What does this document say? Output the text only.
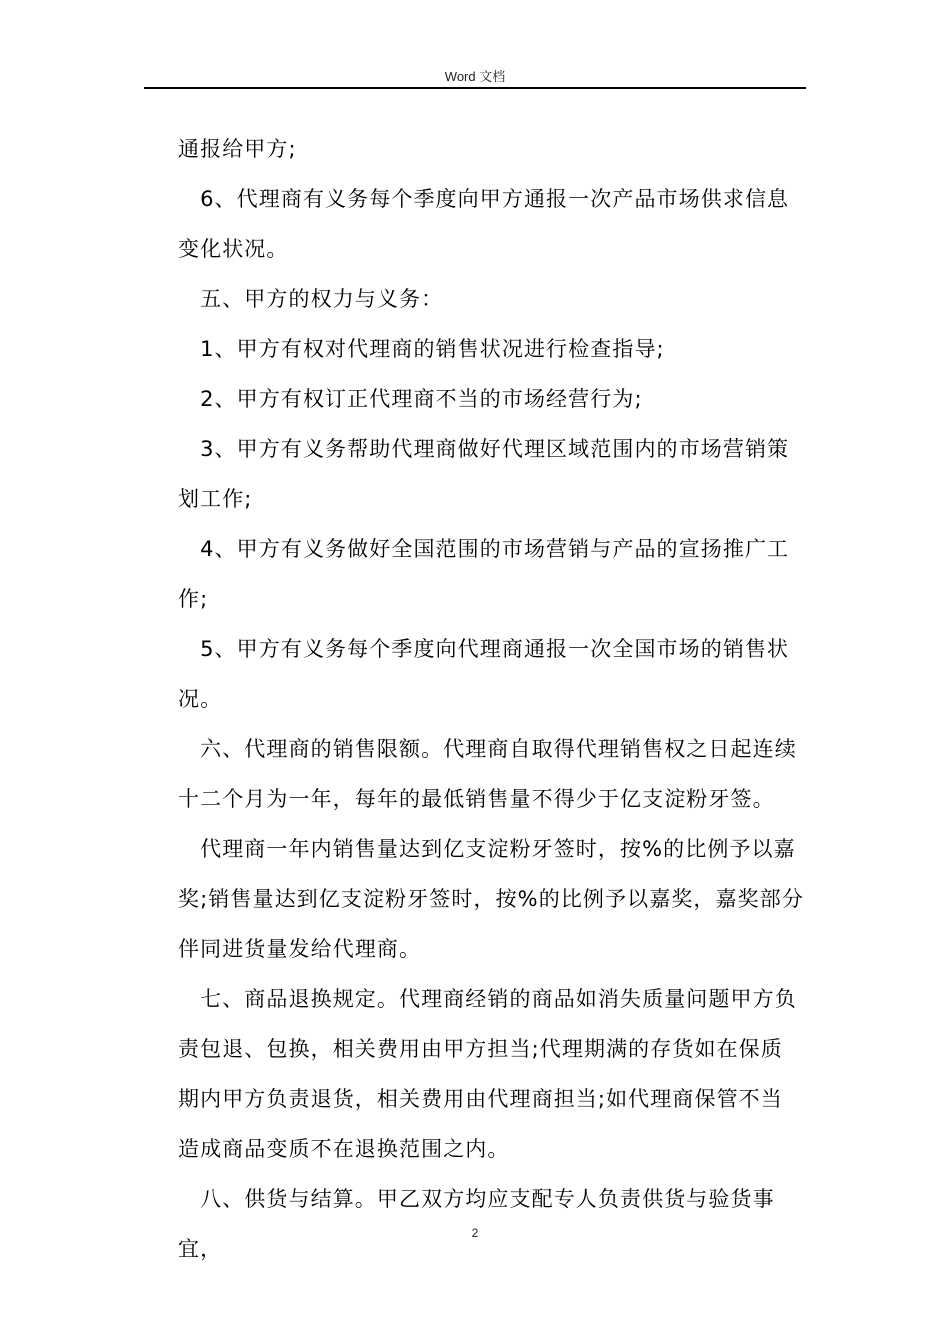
Word 文档

通报给甲方;

　6、代理商有义务每个季度向甲方通报一次产品市场供求信息

变化状况。

　五、甲方的权力与义务：

　1、甲方有权对代理商的销售状况进行检查指导;

　2、甲方有权订正代理商不当的市场经营行为;

　3、甲方有义务帮助代理商做好代理区域范围内的市场营销策

划工作;

　4、甲方有义务做好全国范围的市场营销与产品的宣扬推广工

作;

　5、甲方有义务每个季度向代理商通报一次全国市场的销售状

况。

　六、代理商的销售限额。代理商自取得代理销售权之日起连续

十二个月为一年，每年的最低销售量不得少于亿支淀粉牙签。

　代理商一年内销售量达到亿支淀粉牙签时，按%的比例予以嘉

奖;销售量达到亿支淀粉牙签时，按%的比例予以嘉奖，嘉奖部分

伴同进货量发给代理商。

　七、商品退换规定。代理商经销的商品如消失质量问题甲方负

责包退、包换，相关费用由甲方担当;代理期满的存货如在保质

期内甲方负责退货，相关费用由代理商担当;如代理商保管不当

造成商品变质不在退换范围之内。

　八、供货与结算。甲乙双方均应支配专人负责供货与验货事宜，

2
